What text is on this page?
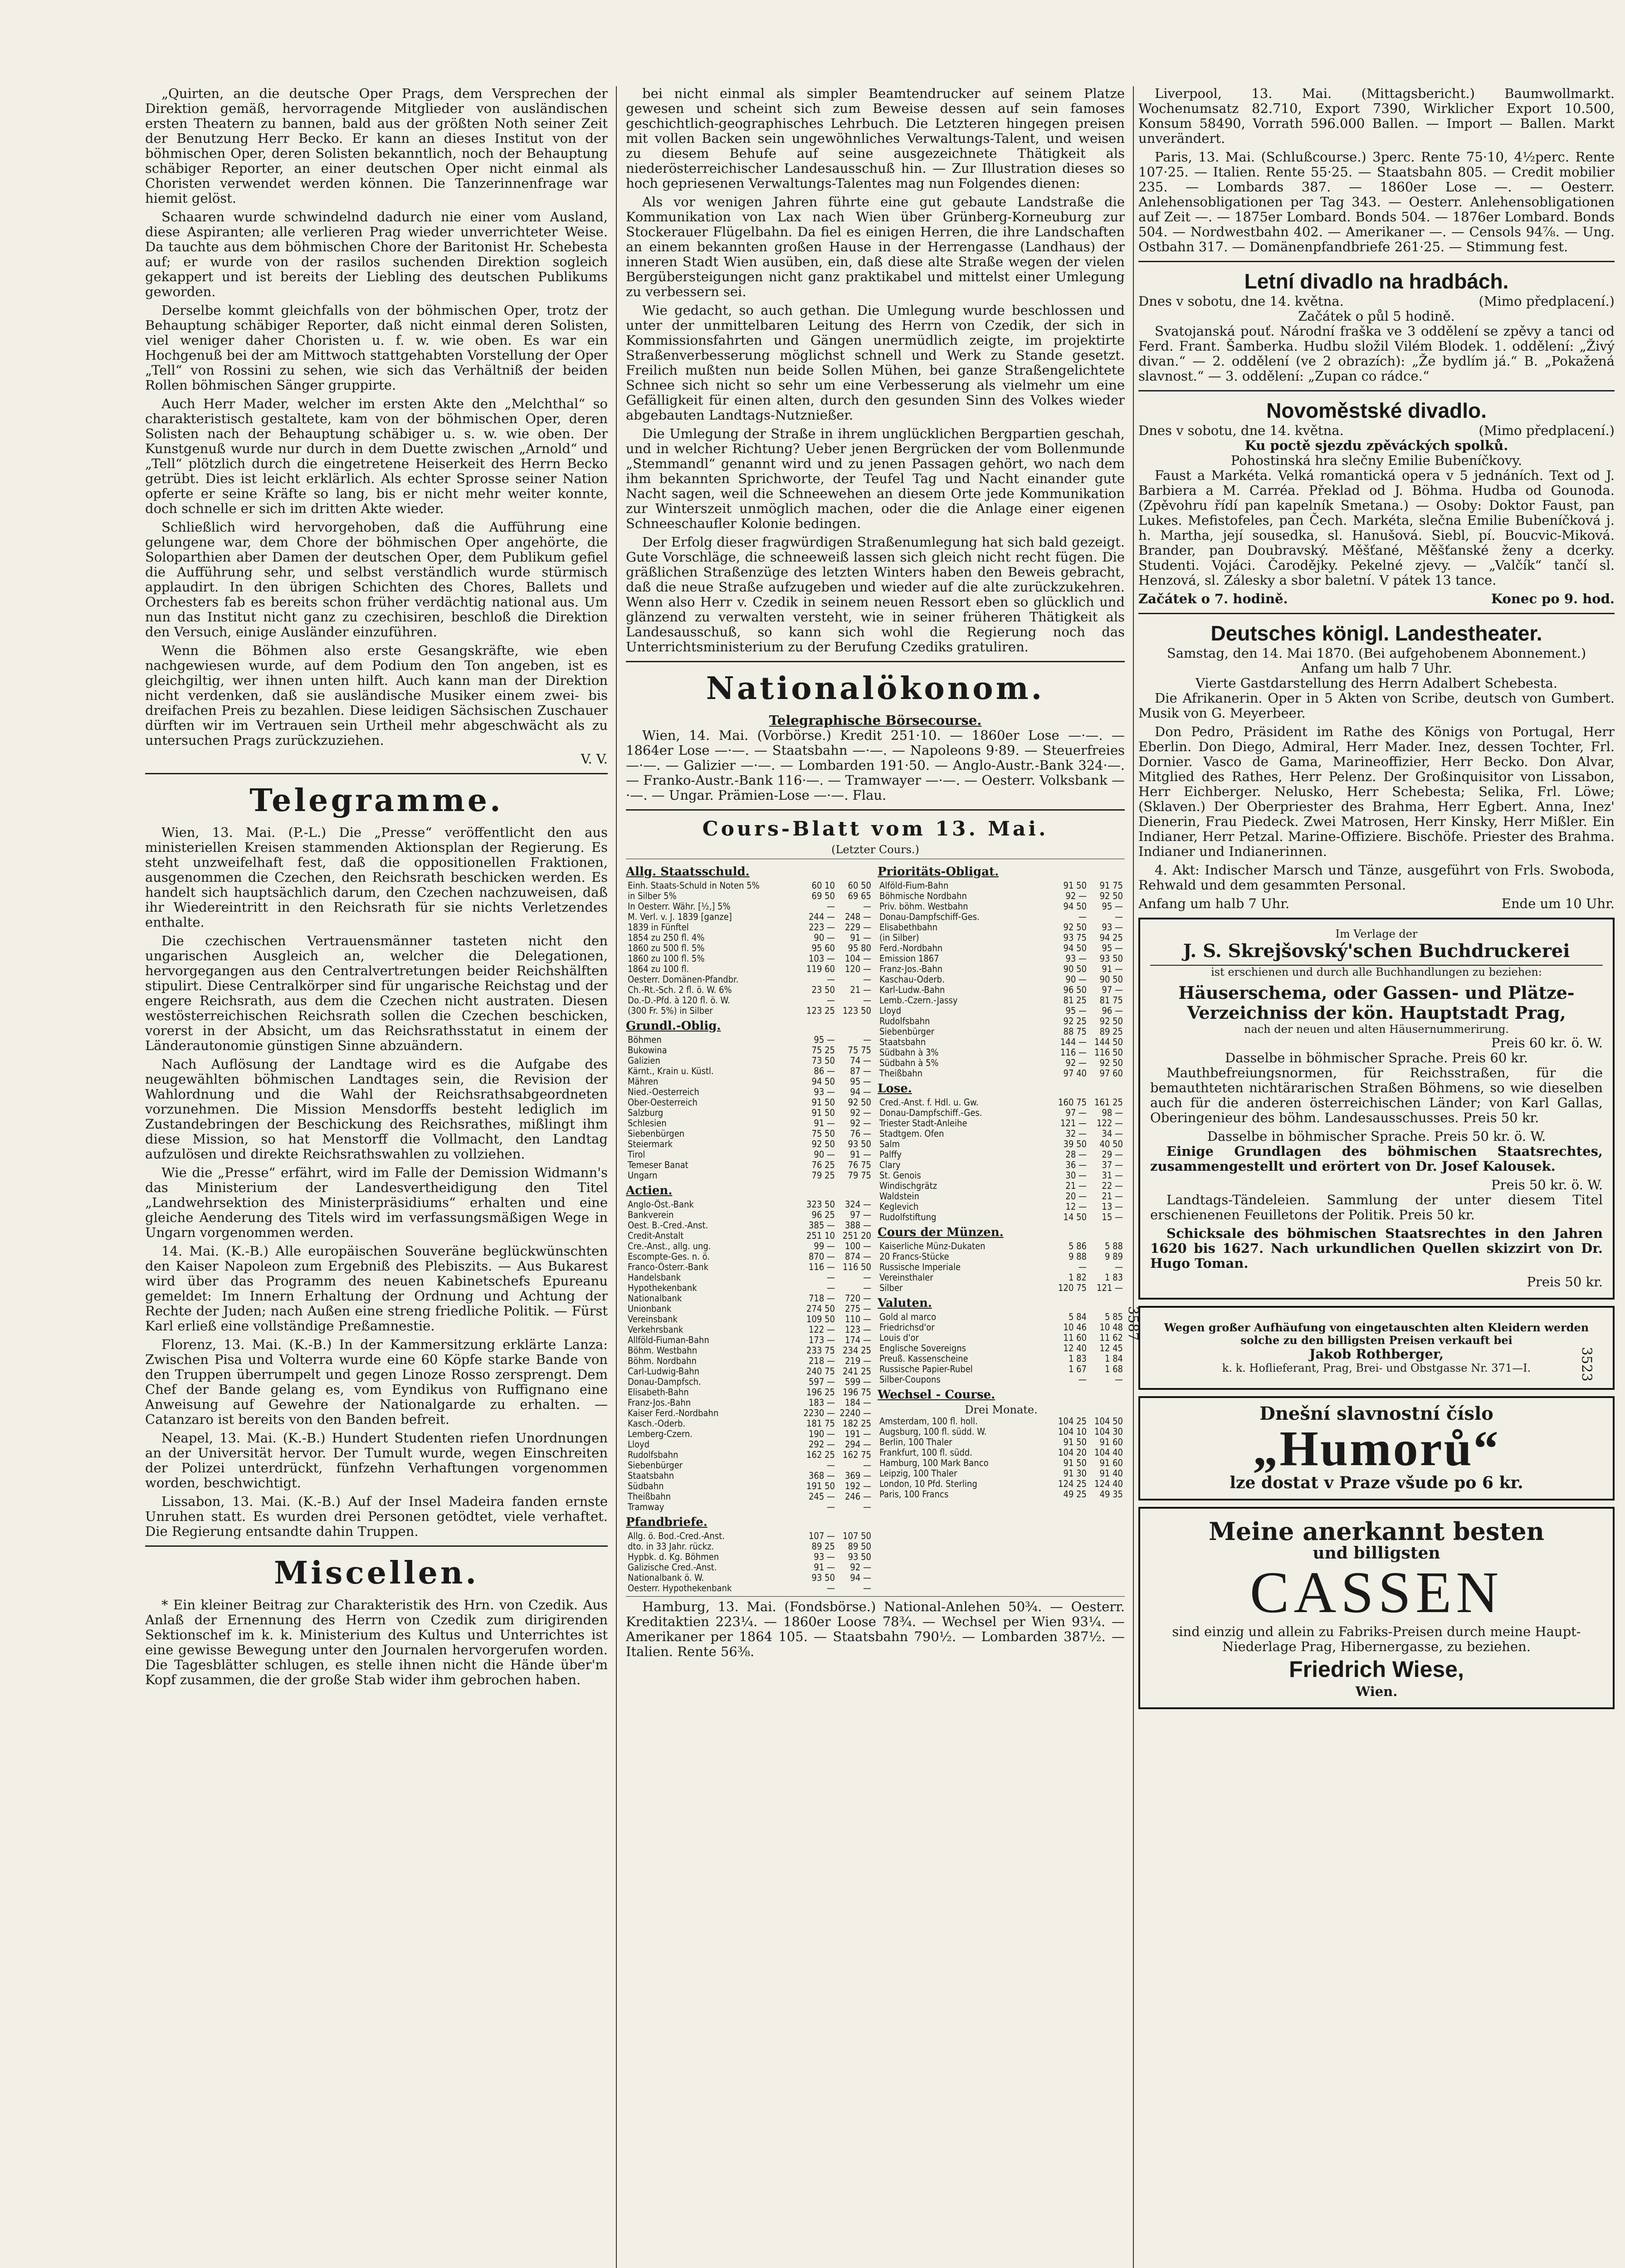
„Quirten, an die deutsche Oper Prags, dem Versprechen der Direktion gemäß, hervorragende Mitglieder von ausländischen ersten Theatern zu bannen, bald aus der größten Noth seiner Zeit der Benutzung Herr Becko. Er kann an dieses Institut von der böhmischen Oper, deren Solisten bekanntlich, noch der Behauptung schäbiger Reporter, an einer deutschen Oper nicht einmal als Choristen verwendet werden können. Die Tanzerinnenfrage war hiemit gelöst.

Schaaren wurde schwindelnd dadurch nie einer vom Ausland, diese Aspiranten; alle verlieren Prag wieder unverrichteter Weise. Da tauchte aus dem böhmischen Chore der Baritonist Hr. Schebesta auf; er wurde von der rasilos suchenden Direktion sogleich gekappert und ist bereits der Liebling des deutschen Publikums geworden.

Derselbe kommt gleichfalls von der böhmischen Oper, trotz der Behauptung schäbiger Reporter, daß nicht einmal deren Solisten, viel weniger daher Choristen u. f. w. wie oben. Es war ein Hochgenuß bei der am Mittwoch stattgehabten Vorstellung der Oper „Tell“ von Rossini zu sehen, wie sich das Verhältniß der beiden Rollen böhmischen Sänger gruppirte.

Auch Herr Mader, welcher im ersten Akte den „Melchthal“ so charakteristisch gestaltete, kam von der böhmischen Oper, deren Solisten nach der Behauptung schäbiger u. s. w. wie oben. Der Kunstgenuß wurde nur durch in dem Duette zwischen „Arnold“ und „Tell“ plötzlich durch die eingetretene Heiserkeit des Herrn Becko getrübt. Dies ist leicht erklärlich. Als echter Sprosse seiner Nation opferte er seine Kräfte so lang, bis er nicht mehr weiter konnte, doch schnelle er sich im dritten Akte wieder.

Schließlich wird hervorgehoben, daß die Aufführung eine gelungene war, dem Chore der böhmischen Oper angehörte, die Soloparthien aber Damen der deutschen Oper, dem Publikum gefiel die Aufführung sehr, und selbst verständlich wurde stürmisch applaudirt. In den übrigen Schichten des Chores, Ballets und Orchesters fab es bereits schon früher verdächtig national aus. Um nun das Institut nicht ganz zu czechisiren, beschloß die Direktion den Versuch, einige Ausländer einzuführen.

Wenn die Böhmen also erste Gesangskräfte, wie eben nachgewiesen wurde, auf dem Podium den Ton angeben, ist es gleichgiltig, wer ihnen unten hilft. Auch kann man der Direktion nicht verdenken, daß sie ausländische Musiker einem zwei- bis dreifachen Preis zu bezahlen. Diese leidigen Sächsischen Zuschauer dürften wir im Vertrauen sein Urtheil mehr abgeschwächt als zu untersuchen Prags zurückzuziehen.

V. V.
Telegramme.

Wien, 13. Mai. (P.-L.) Die „Presse“ veröffentlicht den aus ministeriellen Kreisen stammenden Aktionsplan der Regierung. Es steht unzweifelhaft fest, daß die oppositionellen Fraktionen, ausgenommen die Czechen, den Reichsrath beschicken werden. Es handelt sich hauptsächlich darum, den Czechen nachzuweisen, daß ihr Wiedereintritt in den Reichsrath für sie nichts Verletzendes enthalte.

Die czechischen Vertrauensmänner tasteten nicht den ungarischen Ausgleich an, welcher die Delegationen, hervorgegangen aus den Centralvertretungen beider Reichshälften stipulirt. Diese Centralkörper sind für ungarische Reichstag und der engere Reichsrath, aus dem die Czechen nicht austraten. Diesen westösterreichischen Reichsrath sollen die Czechen beschicken, vorerst in der Absicht, um das Reichsrathsstatut in einem der Länderautonomie günstigen Sinne abzuändern.

Nach Auflösung der Landtage wird es die Aufgabe des neugewählten böhmischen Landtages sein, die Revision der Wahlordnung und die Wahl der Reichsrathsabgeordneten vorzunehmen. Die Mission Mensdorffs besteht lediglich im Zustandebringen der Beschickung des Reichsrathes, mißlingt ihm diese Mission, so hat Menstorff die Vollmacht, den Landtag aufzulösen und direkte Reichsrathswahlen zu vollziehen.

Wie die „Presse“ erfährt, wird im Falle der Demission Widmann's das Ministerium der Landesvertheidigung den Titel „Landwehrsektion des Ministerpräsidiums“ erhalten und eine gleiche Aenderung des Titels wird im verfassungsmäßigen Wege in Ungarn vorgenommen werden.

14. Mai. (K.-B.) Alle europäischen Souveräne beglückwünschten den Kaiser Napoleon zum Ergebniß des Plebiszits. — Aus Bukarest wird über das Programm des neuen Kabinetschefs Epureanu gemeldet: Im Innern Erhaltung der Ordnung und Achtung der Rechte der Juden; nach Außen eine streng friedliche Politik. — Fürst Karl erließ eine vollständige Preßamnestie.

Florenz, 13. Mai. (K.-B.) In der Kammersitzung erklärte Lanza: Zwischen Pisa und Volterra wurde eine 60 Köpfe starke Bande von den Truppen überrumpelt und gegen Linoze Rosso zersprengt. Dem Chef der Bande gelang es, vom Eyndikus von Ruffignano eine Anweisung auf Gewehre der Nationalgarde zu erhalten. — Catanzaro ist bereits von den Banden befreit.

Neapel, 13. Mai. (K.-B.) Hundert Studenten riefen Unordnungen an der Universität hervor. Der Tumult wurde, wegen Einschreiten der Polizei unterdrückt, fünfzehn Verhaftungen vorgenommen worden, beschwichtigt.

Lissabon, 13. Mai. (K.-B.) Auf der Insel Madeira fanden ernste Unruhen statt. Es wurden drei Personen getödtet, viele verhaftet. Die Regierung entsandte dahin Truppen.

Miscellen.

* Ein kleiner Beitrag zur Charakteristik des Hrn. von Czedik. Aus Anlaß der Ernennung des Herrn von Czedik zum dirigirenden Sektionschef im k. k. Ministerium des Kultus und Unterrichtes ist eine gewisse Bewegung unter den Journalen hervorgerufen worden. Die Tagesblätter schlugen, es stelle ihnen nicht die Hände über'm Kopf zusammen, die der große Stab wider ihm gebrochen haben.

bei nicht einmal als simpler Beamtendrucker auf seinem Platze gewesen und scheint sich zum Beweise dessen auf sein famoses geschichtlich-geographisches Lehrbuch. Die Letzteren hingegen preisen mit vollen Backen sein ungewöhnliches Verwaltungs-Talent, und weisen zu diesem Behufe auf seine ausgezeichnete Thätigkeit als niederösterreichischer Landesausschuß hin. — Zur Illustration dieses so hoch gepriesenen Verwaltungs-Talentes mag nun Folgendes dienen:

Als vor wenigen Jahren führte eine gut gebaute Landstraße die Kommunikation von Lax nach Wien über Grünberg-Korneuburg zur Stockerauer Flügelbahn. Da fiel es einigen Herren, die ihre Landschaften an einem bekannten großen Hause in der Herrengasse (Landhaus) der inneren Stadt Wien ausüben, ein, daß diese alte Straße wegen der vielen Bergübersteigungen nicht ganz praktikabel und mittelst einer Umlegung zu verbessern sei.

Wie gedacht, so auch gethan. Die Umlegung wurde beschlossen und unter der unmittelbaren Leitung des Herrn von Czedik, der sich in Kommissionsfahrten und Gängen unermüdlich zeigte, im projektirte Straßenverbesserung möglichst schnell und Werk zu Stande gesetzt. Freilich mußten nun beide Sollen Mühen, bei ganze Straßengelichtete Schnee sich nicht so sehr um eine Verbesserung als vielmehr um eine Gefälligkeit für einen alten, durch den gesunden Sinn des Volkes wieder abgebauten Landtags-Nutznießer.

Die Umlegung der Straße in ihrem unglücklichen Bergpartien geschah, und in welcher Richtung? Ueber jenen Bergrücken der vom Bollenmunde „Stemmandl“ genannt wird und zu jenen Passagen gehört, wo nach dem ihm bekannten Sprichworte, der Teufel Tag und Nacht einander gute Nacht sagen, weil die Schneewehen an diesem Orte jede Kommunikation zur Winterszeit unmöglich machen, oder die die Anlage einer eigenen Schneeschaufler Kolonie bedingen.

Der Erfolg dieser fragwürdigen Straßenumlegung hat sich bald gezeigt. Gute Vorschläge, die schneeweiß lassen sich gleich nicht recht fügen. Die gräßlichen Straßenzüge des letzten Winters haben den Beweis gebracht, daß die neue Straße aufzugeben und wieder auf die alte zurückzukehren. Wenn also Herr v. Czedik in seinem neuen Ressort eben so glücklich und glänzend zu verwalten versteht, wie in seiner früheren Thätigkeit als Landesausschuß, so kann sich wohl die Regierung noch das Unterrichtsministerium zu der Berufung Czediks gratuliren.

Nationalökonom.
Telegraphische Börsecourse.

Wien, 14. Mai. (Vorbörse.) Kredit 251·10. — 1860er Lose —·—. — 1864er Lose —·—. — Staatsbahn —·—. — Napoleons 9·89. — Steuerfreies —·—. — Galizier —·—. — Lombarden 191·50. — Anglo-Austr.-Bank 324·—. — Franko-Austr.-Bank 116·—. — Tramwayer —·—. — Oesterr. Volksbank —·—. — Ungar. Prämien-Lose —·—. Flau.

Cours-Blatt vom 13. Mai.
(Letzter Cours.)
Allg. Staatsschuld.
Einh. Staats-Schuld in Noten 5%	60 10	60 50
in Silber 5%	69 50	69 65
In Oesterr. Währ. [½,] 5%	—	—
M. Verl. v. J. 1839 [ganze]	244 —	248 —
1839 in Fünftel	223 —	229 —
1854 zu 250 fl. 4%	90 —	91 —
1860 zu 500 fl. 5%	95 60	95 80
1860 zu 100 fl. 5%	103 —	104 —
1864 zu 100 fl.	119 60	120 —
Oesterr. Domänen-Pfandbr.	—	—
Ch.-Rt.-Sch. 2 fl. ö. W. 6%	23 50	21 —
Do.-D.-Pfd. à 120 fl. ö. W.	—	—
(300 Fr. 5%) in Silber	123 25	123 50
Grundl.-Oblig.
Böhmen	95 —	—
Bukowina	75 25	75 75
Galizien	73 50	74 —
Kärnt., Krain u. Küstl.	86 —	87 —
Mähren	94 50	95 —
Nied.-Oesterreich	93 —	94 —
Ober-Oesterreich	91 50	92 50
Salzburg	91 50	92 —
Schlesien	91 —	92 —
Siebenbürgen	75 50	76 —
Steiermark	92 50	93 50
Tirol	90 —	91 —
Temeser Banat	76 25	76 75
Ungarn	79 25	79 75
Actien.
Anglo-Öst.-Bank	323 50	324 —
Bankverein	96 25	97 —
Oest. B.-Cred.-Anst.	385 —	388 —
Credit-Anstalt	251 10	251 20
Cre.-Anst., allg. ung.	99 —	100 —
Escompte-Ges. n. ö.	870 —	874 —
Franco-Österr.-Bank	116 —	116 50
Handelsbank	—	—
Hypothekenbank	—	—
Nationalbank	718 —	720 —
Unionbank	274 50	275 —
Vereinsbank	109 50	110 —
Verkehrsbank	122 —	123 —
Allföld-Fiuman-Bahn	173 —	174 —
Böhm. Westbahn	233 75	234 25
Böhm. Nordbahn	218 —	219 —
Carl-Ludwig-Bahn	240 75	241 25
Donau-Dampfsch.	597 —	599 —
Elisabeth-Bahn	196 25	196 75
Franz-Jos.-Bahn	183 —	184 —
Kaiser Ferd.-Nordbahn	2230 —	2240 —
Kasch.-Oderb.	181 75	182 25
Lemberg-Czern.	190 —	191 —
Lloyd	292 —	294 —
Rudolfsbahn	162 25	162 75
Siebenbürger	—	—
Staatsbahn	368 —	369 —
Südbahn	191 50	192 —
Theißbahn	245 —	246 —
Tramway	—	—
Pfandbriefe.
Allg. ö. Bod.-Cred.-Anst.	107 —	107 50
dto. in 33 Jahr. rückz.	89 25	89 50
Hypbk. d. Kg. Böhmen	93 —	93 50
Galizische Cred.-Anst.	91 —	92 —
Nationalbank ö. W.	93 50	94 —
Oesterr. Hypothekenbank	—	—
Prioritäts-Obligat.
Alföld-Fium-Bahn	91 50	91 75
Böhmische Nordbahn	92 —	92 50
Priv. böhm. Westbahn	94 50	95 —
Donau-Dampfschiff-Ges.	—	—
Elisabethbahn	92 50	93 —
(in Silber)	93 75	94 25
Ferd.-Nordbahn	94 50	95 —
Emission 1867	93 —	93 50
Franz-Jos.-Bahn	90 50	91 —
Kaschau-Oderb.	90 —	90 50
Karl-Ludw.-Bahn	96 50	97 —
Lemb.-Czern.-Jassy	81 25	81 75
Lloyd	95 —	96 —
Rudolfsbahn	92 25	92 50
Siebenbürger	88 75	89 25
Staatsbahn	144 —	144 50
Südbahn à 3%	116 —	116 50
Südbahn à 5%	92 —	92 50
Theißbahn	97 40	97 60
Lose.
Cred.-Anst. f. Hdl. u. Gw.	160 75	161 25
Donau-Dampfschiff.-Ges.	97 —	98 —
Triester Stadt-Anleihe	121 —	122 —
Stadtgem. Ofen	32 —	34 —
Salm	39 50	40 50
Palffy	28 —	29 —
Clary	36 —	37 —
St. Genois	30 —	31 —
Windischgrätz	21 —	22 —
Waldstein	20 —	21 —
Keglevich	12 —	13 —
Rudolfstiftung	14 50	15 —
Cours der Münzen.
Kaiserliche Münz-Dukaten	5 86	5 88
20 Francs-Stücke	9 88	9 89
Russische Imperiale	—	—
Vereinsthaler	1 82	1 83
Silber	120 75	121 —
Valuten.
Gold al marco	5 84	5 85
Friedrichsd'or	10 46	10 48
Louis d'or	11 60	11 62
Englische Sovereigns	12 40	12 45
Preuß. Kassenscheine	1 83	1 84
Russische Papier-Rubel	1 67	1 68
Silber-Coupons	—	—
Wechsel - Course.
Drei Monate.
Amsterdam, 100 fl. holl.	104 25	104 50
Augsburg, 100 fl. südd. W.	104 10	104 30
Berlin, 100 Thaler	91 50	91 60
Frankfurt, 100 fl. südd.	104 20	104 40
Hamburg, 100 Mark Banco	91 50	91 60
Leipzig, 100 Thaler	91 30	91 40
London, 10 Pfd. Sterling	124 25	124 40
Paris, 100 Francs	49 25	49 35

Hamburg, 13. Mai. (Fondsbörse.) National-Anlehen 50¾. — Oesterr. Kreditaktien 223¼. — 1860er Loose 78¾. — Wechsel per Wien 93¼. — Amerikaner per 1864 105. — Staatsbahn 790½. — Lombarden 387½. — Italien. Rente 56⅜.

Liverpool, 13. Mai. (Mittagsbericht.) Baumwollmarkt. Wochenumsatz 82.710, Export 7390, Wirklicher Export 10.500, Konsum 58490, Vorrath 596.000 Ballen. — Import — Ballen. Markt unverändert.

Paris, 13. Mai. (Schlußcourse.) 3perc. Rente 75·10, 4½perc. Rente 107·25. — Italien. Rente 55·25. — Staatsbahn 805. — Credit mobilier 235. — Lombards 387. — 1860er Lose —. — Oesterr. Anlehensobligationen per Tag 343. — Oesterr. Anlehensobligationen auf Zeit —. — 1875er Lombard. Bonds 504. — 1876er Lombard. Bonds 504. — Nordwestbahn 402. — Amerikaner —. — Censols 94⅞. — Ung. Ostbahn 317. — Domänenpfandbriefe 261·25. — Stimmung fest.

Letní divadlo na hradbách.
Dnes v sobotu, dne 14. května.	(Mimo předplacení.)
Začátek o půl 5 hodině.

Svatojanská pouť. Národní fraška ve 3 oddělení se zpěvy a tanci od Ferd. Frant. Šamberka. Hudbu složil Vilém Blodek. 1. oddělení: „Živý divan.“ — 2. oddělení (ve 2 obrazích): „Že bydlím já.“ B. „Pokažená slavnost.“ — 3. oddělení: „Zupan co rádce.“

Novoměstské divadlo.
Dnes v sobotu, dne 14. května.	(Mimo předplacení.)
Ku poctě sjezdu zpěváckých spolků.
Pohostinská hra slečny Emilie Bubeníčkovy.

Faust a Markéta. Velká romantická opera v 5 jednáních. Text od J. Barbiera a M. Carréa. Překlad od J. Böhma. Hudba od Gounoda. (Zpěvohru řídí pan kapelník Smetana.) — Osoby: Doktor Faust, pan Lukes. Mefistofeles, pan Čech. Markéta, slečna Emilie Bubeníčková j. h. Martha, její sousedka, sl. Hanušová. Siebl, pí. Boucvic-Miková. Brander, pan Doubravský. Měšťané, Měšťanské ženy a dcerky. Studenti. Vojáci. Čarodějky. Pekelné zjevy. — „Valčík“ tančí sl. Henzová, sl. Zálesky a sbor baletní. V pátek 13 tance.

Začátek o 7. hodině.	Konec po 9. hod.
Deutsches königl. Landestheater.
Samstag, den 14. Mai 1870. (Bei aufgehobenem Abonnement.)
Anfang um halb 7 Uhr.
Vierte Gastdarstellung des Herrn Adalbert Schebesta.

Die Afrikanerin. Oper in 5 Akten von Scribe, deutsch von Gumbert. Musik von G. Meyerbeer.

Don Pedro, Präsident im Rathe des Königs von Portugal, Herr Eberlin. Don Diego, Admiral, Herr Mader. Inez, dessen Tochter, Frl. Dornier. Vasco de Gama, Marineoffizier, Herr Becko. Don Alvar, Mitglied des Rathes, Herr Pelenz. Der Großinquisitor von Lissabon, Herr Eichberger. Nelusko, Herr Schebesta; Selika, Frl. Löwe; (Sklaven.) Der Oberpriester des Brahma, Herr Egbert. Anna, Inez' Dienerin, Frau Piedeck. Zwei Matrosen, Herr Kinsky, Herr Mißler. Ein Indianer, Herr Petzal. Marine-Offiziere. Bischöfe. Priester des Brahma. Indianer und Indianerinnen.

4. Akt: Indischer Marsch und Tänze, ausgeführt von Frls. Swoboda, Rehwald und dem gesammten Personal.

Anfang um halb 7 Uhr.	Ende um 10 Uhr.
Im Verlage der
J. S. Skrejšovský'schen Buchdruckerei
ist erschienen und durch alle Buchhandlungen zu beziehen:
Häuserschema, oder Gassen- und Plätze-Verzeichniss der kön. Hauptstadt Prag,
nach der neuen und alten Häusernummerirung.
Preis 60 kr. ö. W.
Dasselbe in böhmischer Sprache. Preis 60 kr.

Mauthbefreiungsnormen, für Reichsstraßen, für die bemauthteten nichtärarischen Straßen Böhmens, so wie dieselben auch für die anderen österreichischen Länder; von Karl Gallas, Oberingenieur des böhm. Landesausschusses. Preis 50 kr.

Dasselbe in böhmischer Sprache. Preis 50 kr. ö. W.

Einige Grundlagen des böhmischen Staatsrechtes, zusammengestellt und erörtert von Dr. Josef Kalousek.

Preis 50 kr. ö. W.

Landtags-Tändeleien. Sammlung der unter diesem Titel erschienenen Feuilletons der Politik. Preis 50 kr.

Schicksale des böhmischen Staatsrechtes in den Jahren 1620 bis 1627. Nach urkundlichen Quellen skizzirt von Dr. Hugo Toman.

Preis 50 kr.
Wegen großer Aufhäufung von eingetauschten alten Kleidern werden solche zu den billigsten Preisen verkauft bei
Jakob Rothberger,
k. k. Hoflieferant, Prag, Brei- und Obstgasse Nr. 371—I.
Dnešní slavnostní číslo
„Humorů“
lze dostat v Praze všude po 6 kr.
Meine anerkannt besten
und billigsten
CASSEN
sind einzig und allein zu Fabriks-Preisen durch meine Haupt-Niederlage Prag, Hibernergasse, zu beziehen.
Friedrich Wiese,
Wien.
3587
3523
